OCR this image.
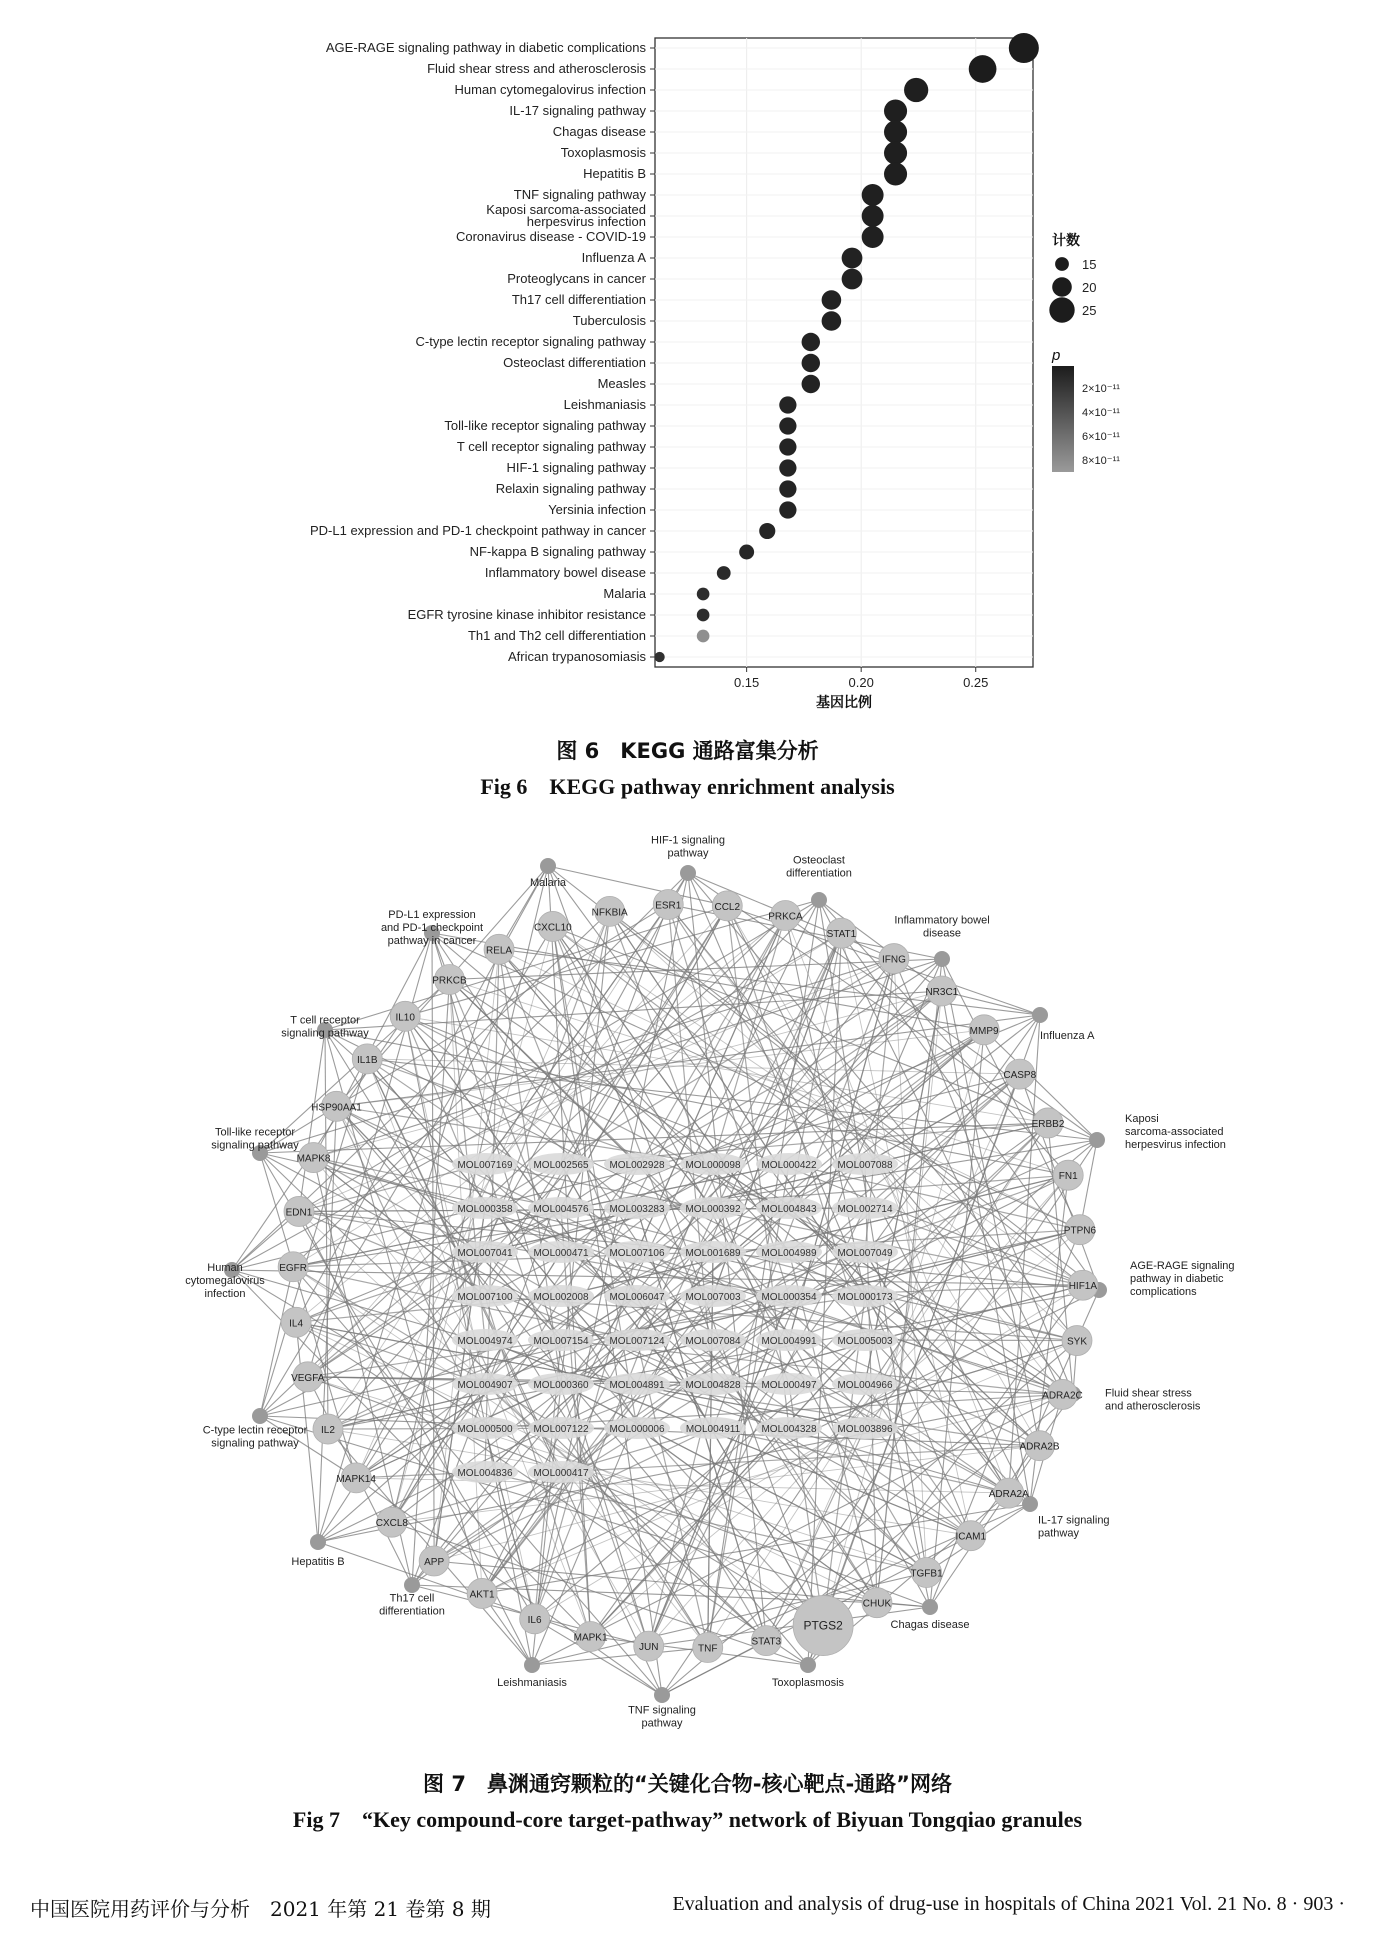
0.15	0.20	0.25
基因比例
AGE-RAGE signaling pathway in diabetic complications
Fluid shear stress and atherosclerosis
Human cytomegalovirus infection
IL-17 signaling pathway
Chagas disease
Toxoplasmosis
Hepatitis B
TNF signaling pathway
Kaposi sarcoma-associated herpesvirus infection
Coronavirus disease - COVID-19
Influenza A
Proteoglycans in cancer
Th17 cell differentiation
Tuberculosis
C-type lectin receptor signaling pathway
Osteoclast differentiation
Measles
Leishmaniasis
Toll-like receptor signaling pathway
T cell receptor signaling pathway
HIF-1 signaling pathway
Relaxin signaling pathway
Yersinia infection
PD-L1 expression and PD-1 checkpoint pathway in cancer
NF-kappa B signaling pathway
Inflammatory bowel disease
Malaria
EGFR tyrosine kinase inhibitor resistance
Th1 and Th2 cell differentiation
African trypanosomiasis
计数
15
20
25
p
2×10⁻¹¹
4×10⁻¹¹
6×10⁻¹¹
8×10⁻¹¹
图 6　KEGG 通路富集分析
Fig 6　KEGG pathway enrichment analysis
HIF-1 signaling pathway
Osteoclast differentiation
Inflammatory bowel disease
Influenza A
Kaposi sarcoma-associated herpesvirus infection
AGE-RAGE signaling pathway in diabetic complications
Fluid shear stress and atherosclerosis
IL-17 signaling pathway
Chagas disease
Toxoplasmosis
TNF signaling pathway
Leishmaniasis
Th17 cell differentiation
Hepatitis B
C-type lectin receptor signaling pathway
Human cytomegalovirus infection
Toll-like receptor signaling pathway
T cell receptor signaling pathway
PD-L1 expression and PD-1 checkpoint pathway in cancer
Malaria
MOL007169 MOL002565 MOL002928 MOL000098 MOL000422 MOL007088
MOL000358 MOL004576 MOL003283 MOL000392 MOL004843 MOL002714
MOL007041 MOL000471 MOL007106 MOL001689 MOL004989 MOL007049
MOL007100 MOL002008 MOL006047 MOL007003 MOL000354 MOL000173
MOL004974 MOL007154 MOL007124 MOL007084 MOL004991 MOL005003
MOL004907 MOL000360 MOL004891 MOL004828 MOL000497 MOL004966
MOL000500 MOL007122 MOL000006 MOL004911 MOL004328 MOL003896
MOL004836 MOL000417
ESR1	CCL2
PRKCA
STAT1
IFNG
NR3C1
MMP9
CASP8
ERBB2
FN1
PTPN6
HIF1A
SYK
ADRA2C
ADRA2B
ADRA2A
ICAM1
TGFB1
CHUK
PTGS2
STAT3
TNF
JUN
MAPK1
IL6
AKT1
APP
CXCL8
MAPK14
IL2
VEGFA
IL4
EGFR
EDN1
MAPK8
HSP90AA1
IL1B
IL10
PRKCB
RELA
CXCL10
NFKBIA
图 7　鼻渊通窍颗粒的“关键化合物-核心靶点-通路”网络
Fig 7　“Key compound-core target-pathway” network of Biyuan Tongqiao granules
中国医院用药评价与分析　2021 年第 21 卷第 8 期	Evaluation and analysis of drug-use in hospitals of China 2021 Vol. 21 No. 8 · 903 ·
